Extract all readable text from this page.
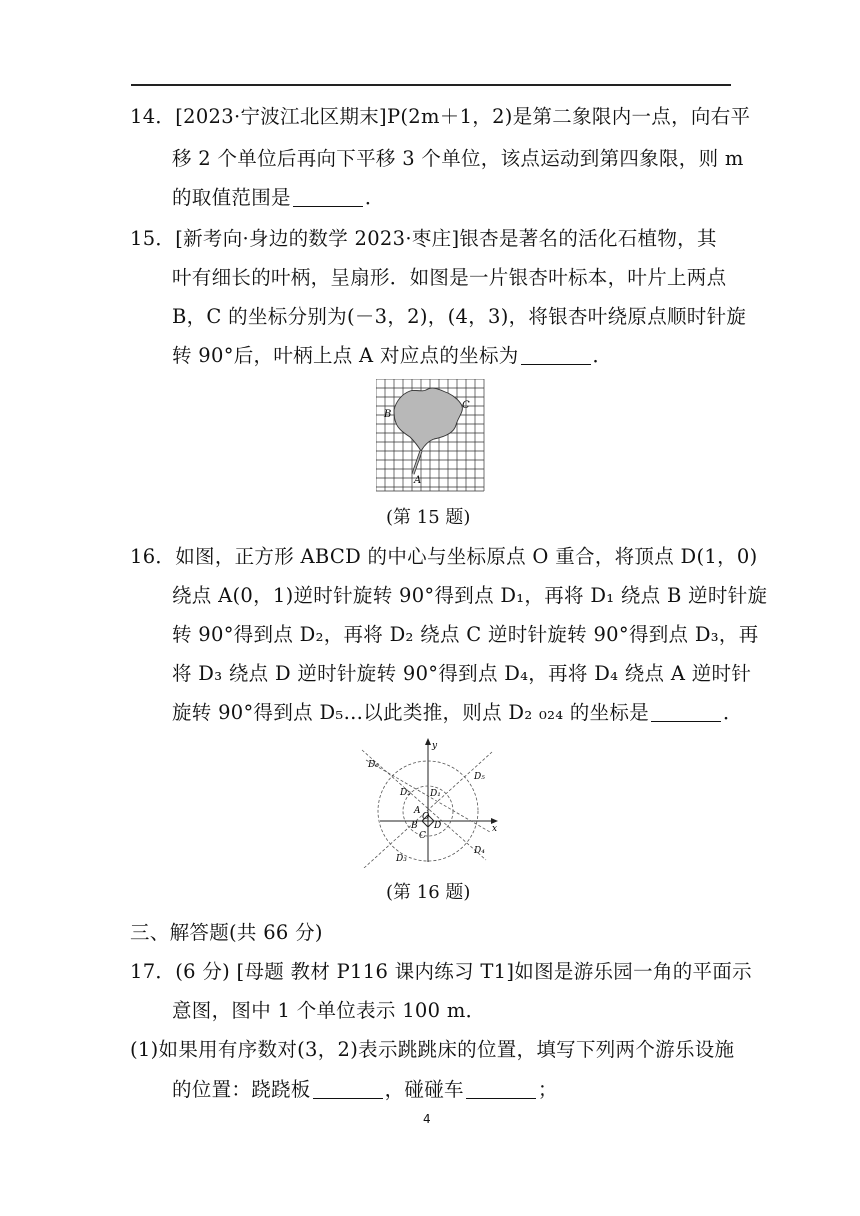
14．[2023·宁波江北区期末]P(2m＋1，2)是第二象限内一点，向右平
移 2 个单位后再向下平移 3 个单位，该点运动到第四象限，则 m
的取值范围是	．
15．[新考向·身边的数学 2023·枣庄]银杏是著名的活化石植物，其
叶有细长的叶柄，呈扇形．如图是一片银杏叶标本，叶片上两点
B，C 的坐标分别为(－3，2)，(4，3)，将银杏叶绕原点顺时针旋
转 90°后，叶柄上点 A 对应点的坐标为	．
B
C
A
(第 15 题)
16．如图，正方形 ABCD 的中心与坐标原点 O 重合，将顶点 D(1，0)
绕点 A(0，1)逆时针旋转 90°得到点 D₁，再将 D₁ 绕点 B 逆时针旋
转 90°得到点 D₂，再将 D₂ 绕点 C 逆时针旋转 90°得到点 D₃，再
将 D₃ 绕点 D 逆时针旋转 90°得到点 D₄，再将 D₄ 绕点 A 逆时针
旋转 90°得到点 D₅…以此类推，则点 D₂ ₀₂₄ 的坐标是	．
y
x
O
A
B
C
D
D₁
D₂
D₃
D₄
D₅
D₆
(第 16 题)
三、解答题(共 66 分)
17．(6 分) [母题 教材 P116 课内练习 T1]如图是游乐园一角的平面示
意图，图中 1 个单位表示 100 m．
(1)如果用有序数对(3，2)表示跳跳床的位置，填写下列两个游乐设施
的位置：跷跷板	，碰碰车	；
4
